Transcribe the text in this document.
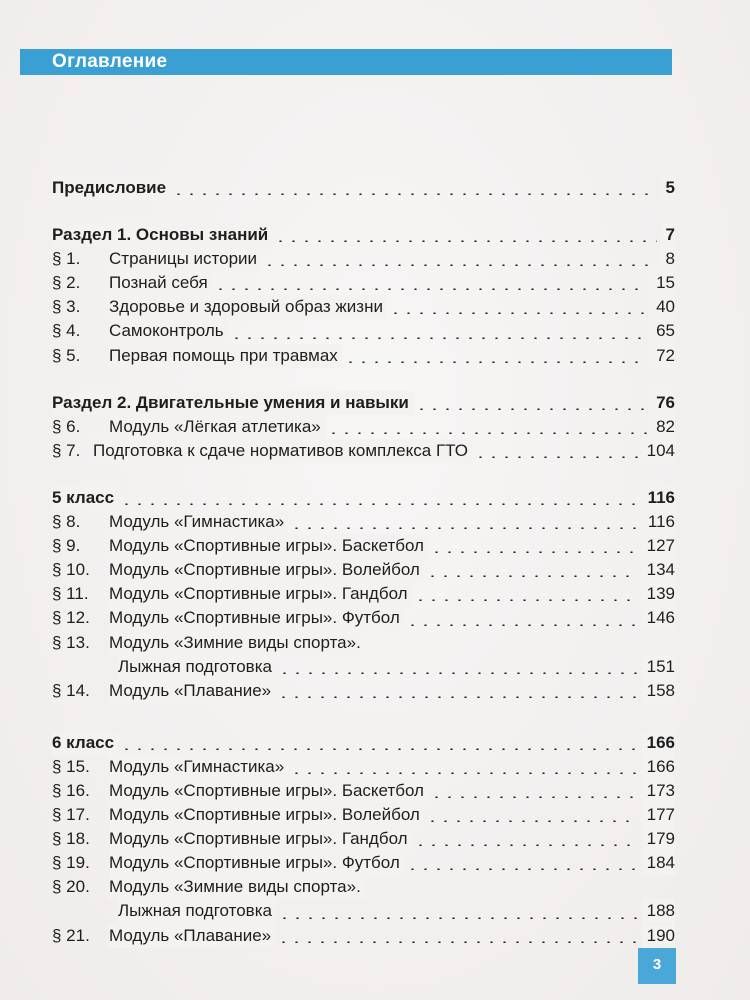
Оглавление
Предисловие	5
Раздел 1. Основы знаний	7
§ 1. Страницы истории	8
§ 2. Познай себя	15
§ 3. Здоровье и здоровый образ жизни	40
§ 4. Самоконтроль	65
§ 5. Первая помощь при травмах	72
Раздел 2. Двигательные умения и навыки	76
§ 6. Модуль «Лёгкая атлетика»	82
§ 7. Подготовка к сдаче нормативов комплекса ГТО	104
5 класс	116
§ 8. Модуль «Гимнастика»	116
§ 9. Модуль «Спортивные игры». Баскетбол	127
§ 10. Модуль «Спортивные игры». Волейбол	134
§ 11. Модуль «Спортивные игры». Гандбол	139
§ 12. Модуль «Спортивные игры». Футбол	146
§ 13. Модуль «Зимние виды спорта».
Лыжная подготовка	151
§ 14. Модуль «Плавание»	158
6 класс	166
§ 15. Модуль «Гимнастика»	166
§ 16. Модуль «Спортивные игры». Баскетбол	173
§ 17. Модуль «Спортивные игры». Волейбол	177
§ 18. Модуль «Спортивные игры». Гандбол	179
§ 19. Модуль «Спортивные игры». Футбол	184
§ 20. Модуль «Зимние виды спорта».
Лыжная подготовка	188
§ 21. Модуль «Плавание»	190
3
